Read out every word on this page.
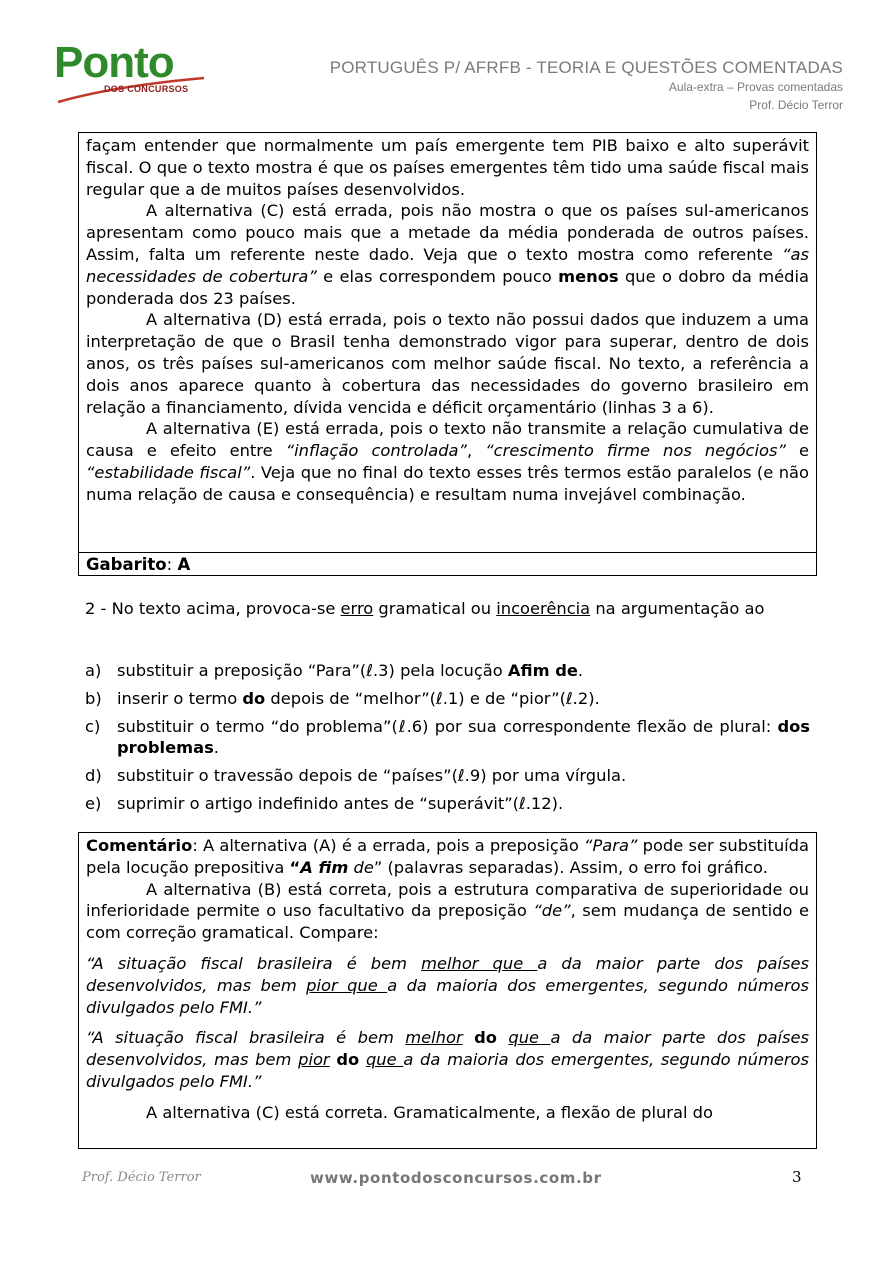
Ponto
DOS CONCURSOS
PORTUGUÊS P/ AFRFB - TEORIA E QUESTÕES COMENTADAS
Aula-extra – Provas comentadas
Prof. Décio Terror

façam entender que normalmente um país emergente tem PIB baixo e alto superávit fiscal. O que o texto mostra é que os países emergentes têm tido uma saúde fiscal mais regular que a de muitos países desenvolvidos.

A alternativa (C) está errada, pois não mostra o que os países sul-americanos apresentam como pouco mais que a metade da média ponderada de outros países. Assim, falta um referente neste dado. Veja que o texto mostra como referente “as necessidades de cobertura” e elas correspondem pouco menos que o dobro da média ponderada dos 23 países.

A alternativa (D) está errada, pois o texto não possui dados que induzem a uma interpretação de que o Brasil tenha demonstrado vigor para superar, dentro de dois anos, os três países sul-americanos com melhor saúde fiscal. No texto, a referência a dois anos aparece quanto à cobertura das necessidades do governo brasileiro em relação a financiamento, dívida vencida e déficit orçamentário (linhas 3 a 6).

A alternativa (E) está errada, pois o texto não transmite a relação cumulativa de causa e efeito entre “inflação controlada”, “crescimento firme nos negócios” e “estabilidade fiscal”. Veja que no final do texto esses três termos estão paralelos (e não numa relação de causa e consequência) e resultam numa invejável combinação.

Gabarito: A

2 - No texto acima, provoca-se erro gramatical ou incoerência na argumentação ao

a) substituir a preposição “Para”(ℓ.3) pela locução Afim de.
b) inserir o termo do depois de “melhor”(ℓ.1) e de “pior”(ℓ.2).
c)	substituir o termo “do problema”(ℓ.6) por sua correspondente flexão de plural: dos problemas.
d) substituir o travessão depois de “países”(ℓ.9) por uma vírgula.
e) suprimir o artigo indefinido antes de “superávit”(ℓ.12).

Comentário: A alternativa (A) é a errada, pois a preposição “Para” pode ser substituída pela locução prepositiva “A fim de” (palavras separadas). Assim, o erro foi gráfico.

A alternativa (B) está correta, pois a estrutura comparativa de superioridade ou inferioridade permite o uso facultativo da preposição “de”, sem mudança de sentido e com correção gramatical. Compare:

“A situação fiscal brasileira é bem melhor que a da maior parte dos países desenvolvidos, mas bem pior que a da maioria dos emergentes, segundo números divulgados pelo FMI.”

“A situação fiscal brasileira é bem melhor do que a da maior parte dos países desenvolvidos, mas bem pior do que a da maioria dos emergentes, segundo números divulgados pelo FMI.”

A alternativa (C) está correta. Gramaticalmente, a flexão de plural do

Prof. Décio Terror	www.pontodosconcursos.com.br	3
